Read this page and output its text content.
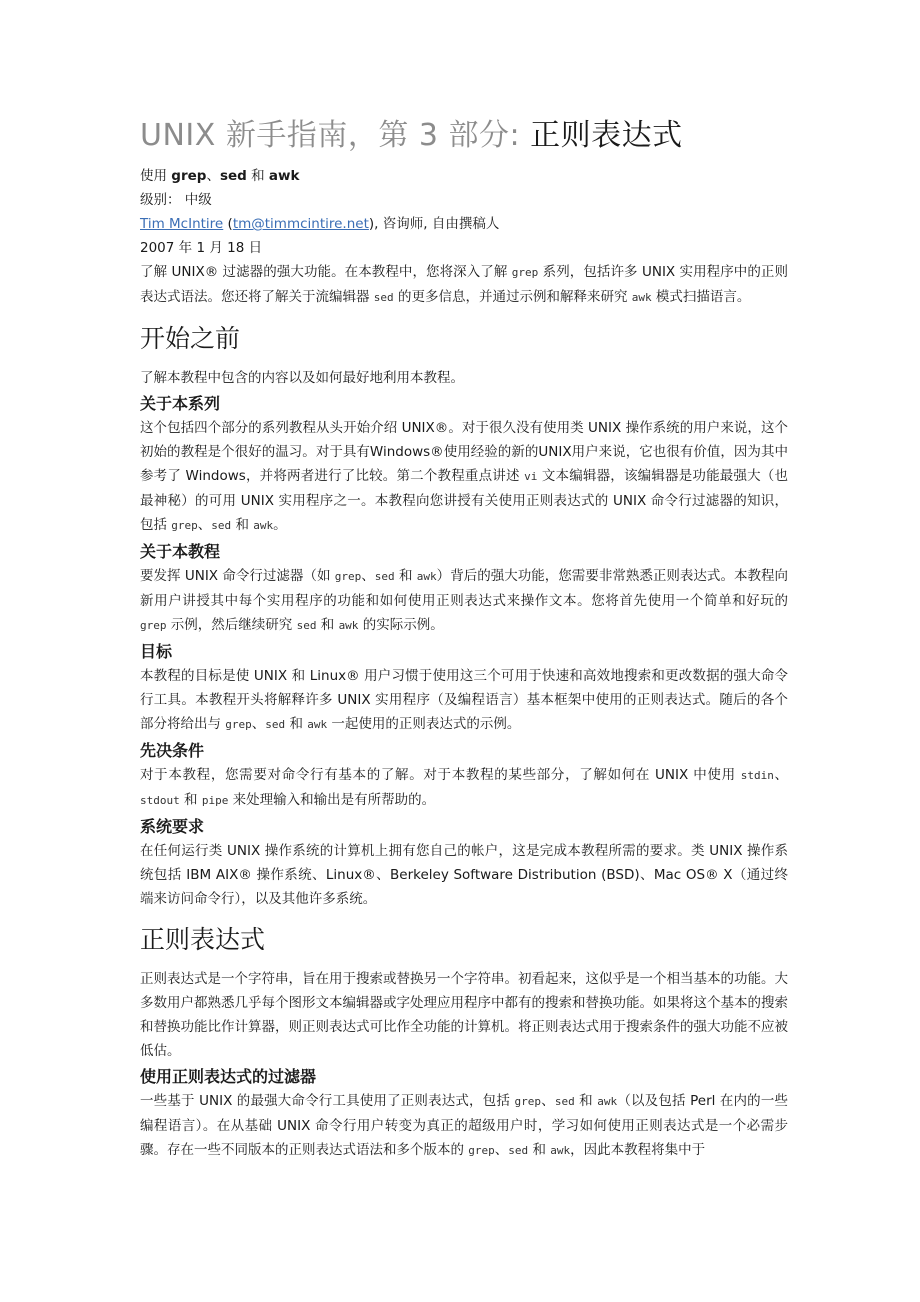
UNIX 新手指南，第 3 部分: 正则表达式
使用 grep、sed 和 awk
级别： 中级
Tim McIntire (tm@timmcintire.net), 咨询师, 自由撰稿人
2007 年 1 月 18 日

了解 UNIX® 过滤器的强大功能。在本教程中，您将深入了解 grep 系列，包括许多 UNIX 实用程序中的正则表达式语法。您还将了解关于流编辑器 sed 的更多信息，并通过示例和解释来研究 awk 模式扫描语言。

开始之前

了解本教程中包含的内容以及如何最好地利用本教程。

关于本系列

这个包括四个部分的系列教程从头开始介绍 UNIX®。对于很久没有使用类 UNIX 操作系统的用户来说，这个初始的教程是个很好的温习。对于具有Windows®使用经验的新的UNIX用户来说，它也很有价值，因为其中参考了 Windows，并将两者进行了比较。第二个教程重点讲述 vi 文本编辑器，该编辑器是功能最强大（也最神秘）的可用 UNIX 实用程序之一。本教程向您讲授有关使用正则表达式的 UNIX 命令行过滤器的知识，包括 grep、sed 和 awk。

关于本教程

要发挥 UNIX 命令行过滤器（如 grep、sed 和 awk）背后的强大功能，您需要非常熟悉正则表达式。本教程向新用户讲授其中每个实用程序的功能和如何使用正则表达式来操作文本。您将首先使用一个简单和好玩的 grep 示例，然后继续研究 sed 和 awk 的实际示例。

目标

本教程的目标是使 UNIX 和 Linux® 用户习惯于使用这三个可用于快速和高效地搜索和更改数据的强大命令行工具。本教程开头将解释许多 UNIX 实用程序（及编程语言）基本框架中使用的正则表达式。随后的各个部分将给出与 grep、sed 和 awk 一起使用的正则表达式的示例。

先决条件

对于本教程，您需要对命令行有基本的了解。对于本教程的某些部分，了解如何在 UNIX 中使用 stdin、stdout 和 pipe 来处理输入和输出是有所帮助的。

系统要求

在任何运行类 UNIX 操作系统的计算机上拥有您自己的帐户，这是完成本教程所需的要求。类 UNIX 操作系统包括 IBM AIX® 操作系统、Linux®、Berkeley Software Distribution (BSD)、Mac OS® X（通过终端来访问命令行），以及其他许多系统。

正则表达式

正则表达式是一个字符串，旨在用于搜索或替换另一个字符串。初看起来，这似乎是一个相当基本的功能。大多数用户都熟悉几乎每个图形文本编辑器或字处理应用程序中都有的搜索和替换功能。如果将这个基本的搜索和替换功能比作计算器，则正则表达式可比作全功能的计算机。将正则表达式用于搜索条件的强大功能不应被低估。

使用正则表达式的过滤器

一些基于 UNIX 的最强大命令行工具使用了正则表达式，包括 grep、sed 和 awk（以及包括 Perl 在内的一些编程语言）。在从基础 UNIX 命令行用户转变为真正的超级用户时，学习如何使用正则表达式是一个必需步骤。存在一些不同版本的正则表达式语法和多个版本的 grep、sed 和 awk，因此本教程将集中于
